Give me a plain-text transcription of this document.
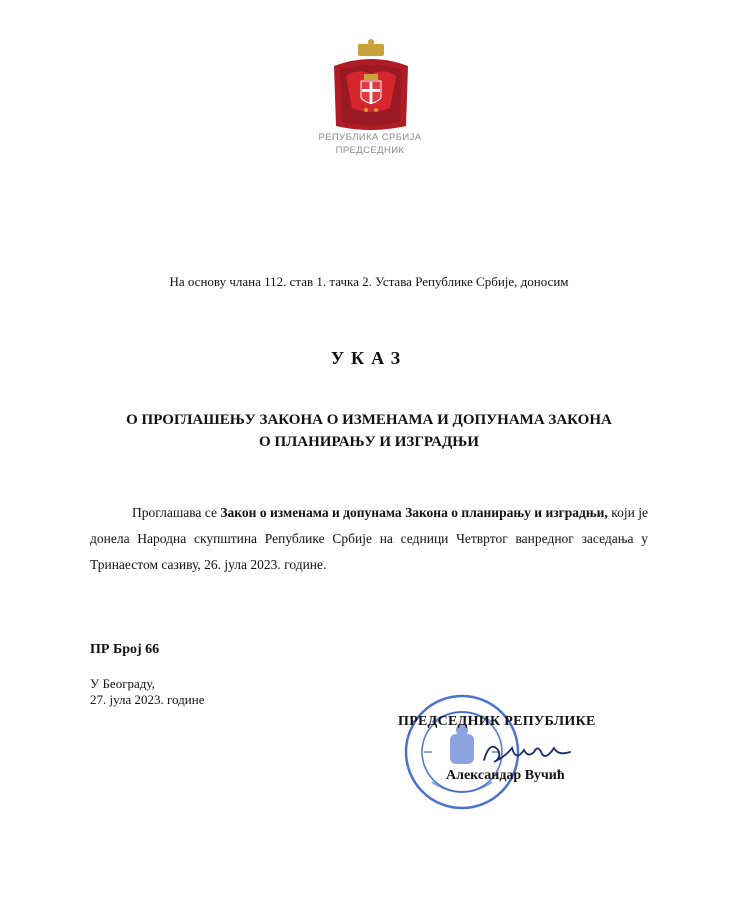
РЕПУБЛИКА СРБИЈА
ПРЕДСЕДНИК
На основу члана 112. став 1. тачка 2. Устава Републике Србије, доносим
УКАЗ
О ПРОГЛАШЕЊУ ЗАКОНА О ИЗМЕНАМА И ДОПУНАМА ЗАКОНА
О ПЛАНИРАЊУ И ИЗГРАДЊИ

Проглашава се Закон о изменама и допунама Закона о планирању и изградњи, који је донела Народна скупштина Републике Србије на седници Четвртог ванредног заседања у Тринаестом сазиву, 26. јула 2023. године.

ПР Број 66
У Београду,
27. јула 2023. године
ПРЕДСЕДНИК РЕПУБЛИКЕ
Александар Вучић
